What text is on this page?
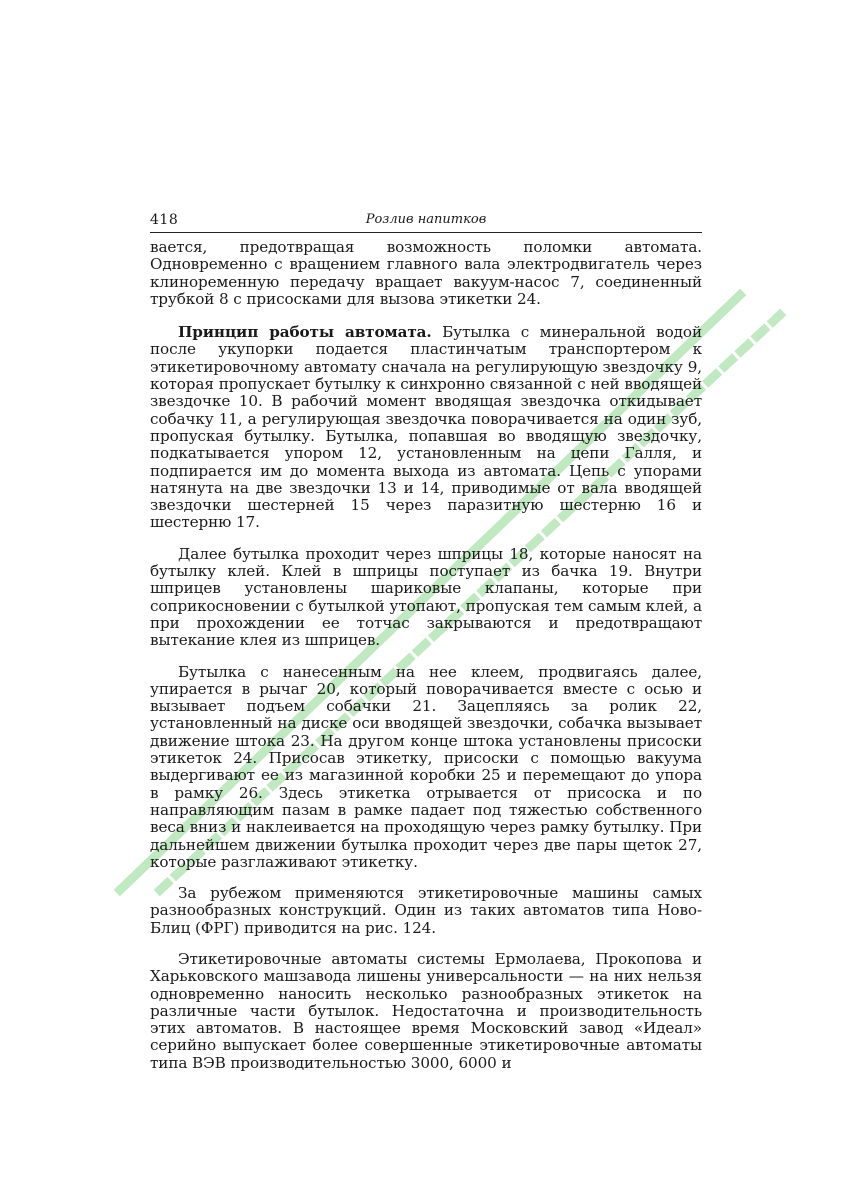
418	Розлив напитков

вается, предотвращая возможность поломки автомата. Одновременно с вращением главного вала электродвигатель через клиноременную передачу вращает вакуум-насос 7, соединенный трубкой 8 с присосками для вызова этикетки 24.

Принцип работы автомата. Бутылка с минеральной водой после укупорки подается пластинчатым транспортером к этикетировочному автомату сначала на регулирующую звездочку 9, которая пропускает бутылку к синхронно связанной с ней вводящей звездочке 10. В рабочий момент вводящая звездочка откидывает собачку 11, а регулирующая звездочка поворачивается на один зуб, пропуская бутылку. Бутылка, попавшая во вводящую звездочку, подкатывается упором 12, установленным на цепи Галля, и подпирается им до момента выхода из автомата. Цепь с упорами натянута на две звездочки 13 и 14, приводимые от вала вводящей звездочки шестерней 15 через паразитную шестерню 16 и шестерню 17.

Далее бутылка проходит через шприцы 18, которые наносят на бутылку клей. Клей в шприцы поступает из бачка 19. Внутри шприцев установлены шариковые клапаны, которые при соприкосновении с бутылкой утопают, пропуская тем самым клей, а при прохождении ее тотчас закрываются и предотвращают вытекание клея из шприцев.

Бутылка с нанесенным на нее клеем, продвигаясь далее, упирается в рычаг 20, который поворачивается вместе с осью и вызывает подъем собачки 21. Зацепляясь за ролик 22, установленный на диске оси вводящей звездочки, собачка вызывает движение штока 23. На другом конце штока установлены присоски этикеток 24. Присосав этикетку, присоски с помощью вакуума выдергивают ее из магазинной коробки 25 и перемещают до упора в рамку 26. Здесь этикетка отрывается от присоска и по направляющим пазам в рамке падает под тяжестью собственного веса вниз и наклеивается на проходящую через рамку бутылку. При дальнейшем движении бутылка проходит через две пары щеток 27, которые разглаживают этикетку.

За рубежом применяются этикетировочные машины самых разнообразных конструкций. Один из таких автоматов типа Ново-Блиц (ФРГ) приводится на рис. 124.

Этикетировочные автоматы системы Ермолаева, Прокопова и Харьковского машзавода лишены универсальности — на них нельзя одновременно наносить несколько разнообразных этикеток на различные части бутылок. Недостаточна и производительность этих автоматов. В настоящее время Московский завод «Идеал» серийно выпускает более совершенные этикетировочные автоматы типа ВЭВ производительностью 3000, 6000 и
